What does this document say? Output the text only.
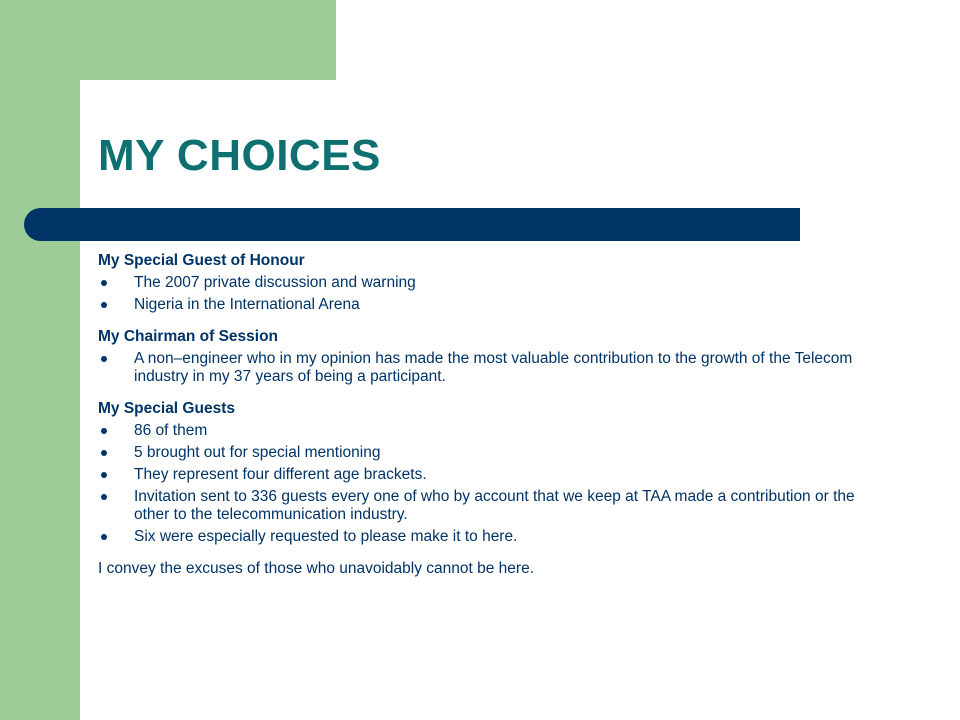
MY CHOICES

My Special Guest of Honour

The 2007 private discussion and warning
Nigeria in the International Arena

My Chairman of Session

A non–engineer who in my opinion has made the most valuable contribution to the growth of the Telecom industry in my 37 years of being a participant.

My Special Guests

86 of them
5 brought out for special mentioning
They represent four different age brackets.
Invitation sent to 336 guests every one of who by account that we keep at TAA made a contribution or the other to the telecommunication industry.
Six were especially requested to please make it to here.

I convey the excuses of those who unavoidably cannot be here.
